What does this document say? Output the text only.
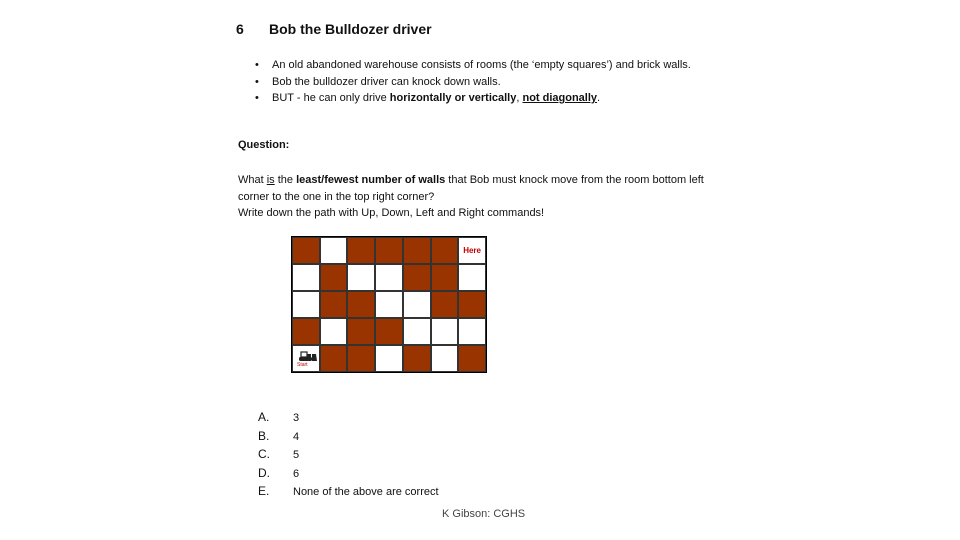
6 Bob the Bulldozer driver
• An old abandoned warehouse consists of rooms (the ‘empty squares’) and brick walls.
• Bob the bulldozer driver can knock down walls.
• BUT - he can only drive horizontally or vertically, not diagonally.
Question:
What is the least/fewest number of walls that Bob must knock move from the room bottom left corner to the one in the top right corner?
Write down the path with Up, Down, Left and Right commands!
Here
Start
A. 3
B. 4
C. 5
D. 6
E. None of the above are correct
K Gibson: CGHS
